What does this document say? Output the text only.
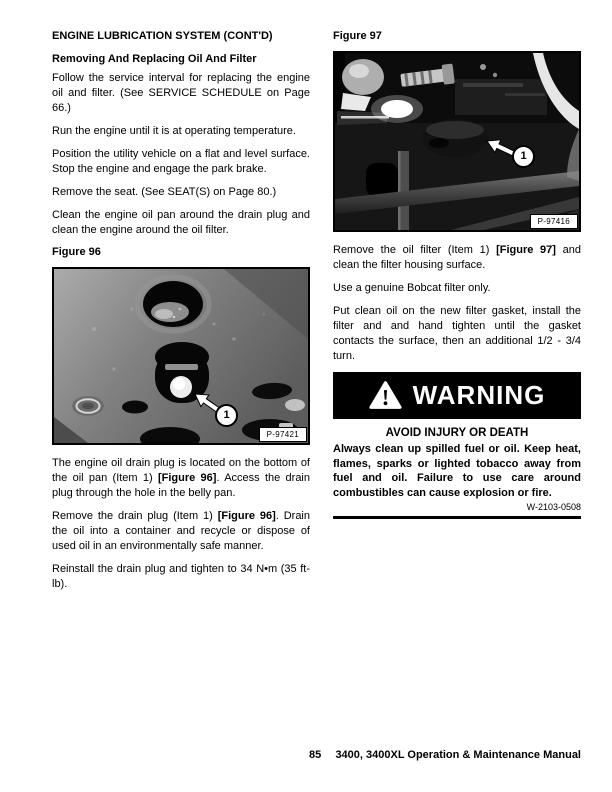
ENGINE LUBRICATION SYSTEM (CONT'D)
Removing And Replacing Oil And Filter

Follow the service interval for replacing the engine oil and filter. (See SERVICE SCHEDULE on Page 66.)

Run the engine until it is at operating temperature.

Position the utility vehicle on a flat and level surface. Stop the engine and engage the park brake.

Remove the seat. (See SEAT(S) on Page 80.)

Clean the engine oil pan around the drain plug and clean the engine around the oil filter.

Figure 96
1
P-97421

The engine oil drain plug is located on the bottom of the oil pan (Item 1) [Figure 96]. Access the drain plug through the hole in the belly pan.

Remove the drain plug (Item 1) [Figure 96]. Drain the oil into a container and recycle or dispose of used oil in an environmentally safe manner.

Reinstall the drain plug and tighten to 34 N•m (35 ft-lb).

Figure 97
1
P-97416

Remove the oil filter (Item 1) [Figure 97] and clean the filter housing surface.

Use a genuine Bobcat filter only.

Put clean oil on the new filter gasket, install the filter and and hand tighten until the gasket contacts the surface, then an additional 1/2 - 3/4 turn.

WARNING
AVOID INJURY OR DEATH

Always clean up spilled fuel or oil. Keep heat, flames, sparks or lighted tobacco away from fuel and oil. Failure to use care around combustibles can cause explosion or fire.

W-2103-0508
85 3400, 3400XL Operation & Maintenance Manual
